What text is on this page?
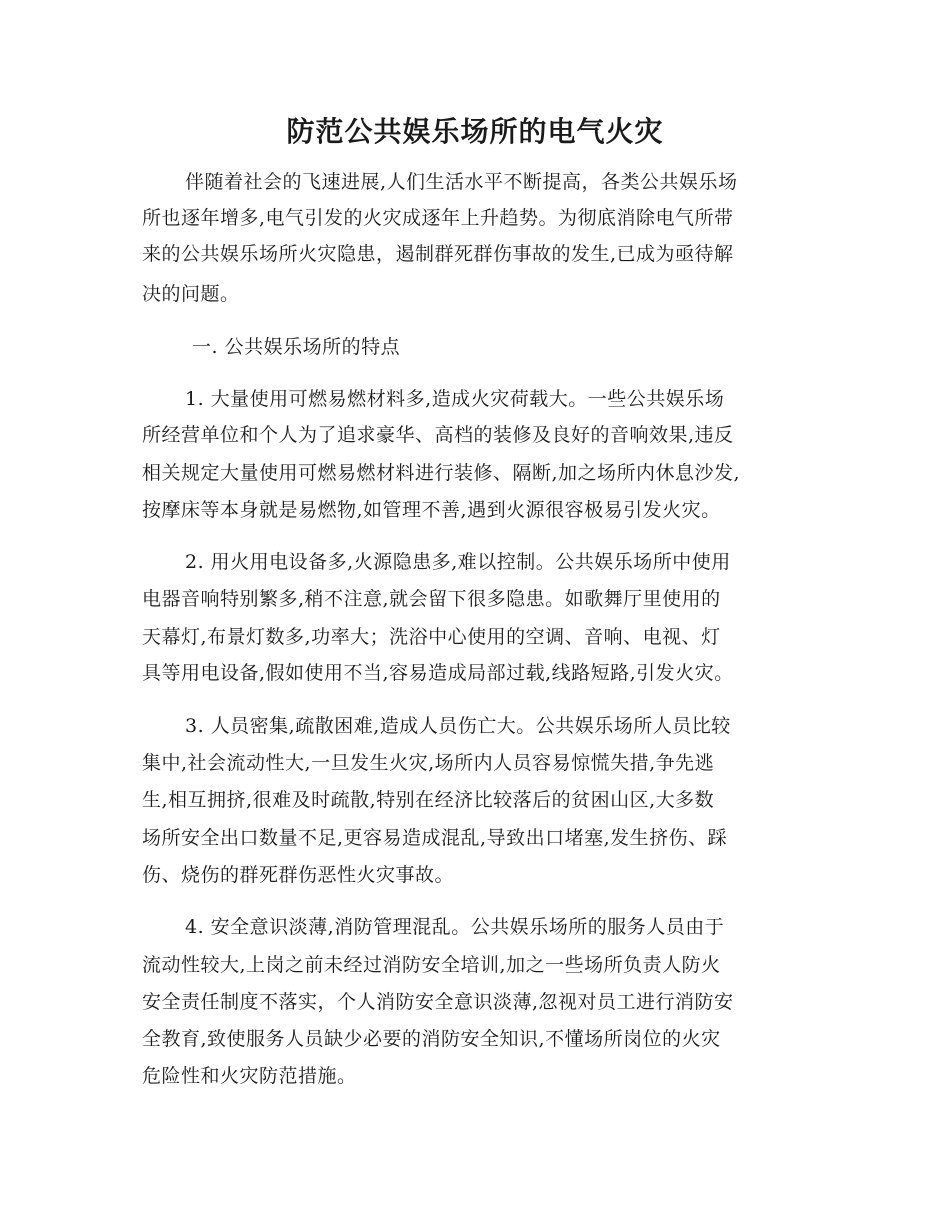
防范公共娱乐场所的电气火灾

伴随着社会的飞速进展,人们生活水平不断提高，各类公共娱乐场

所也逐年增多,电气引发的火灾成逐年上升趋势。为彻底消除电气所带

来的公共娱乐场所火灾隐患，遏制群死群伤事故的发生,已成为亟待解

决的问题。

一. 公共娱乐场所的特点

1. 大量使用可燃易燃材料多,造成火灾荷载大。一些公共娱乐场

所经营单位和个人为了追求豪华、高档的装修及良好的音响效果,违反

相关规定大量使用可燃易燃材料进行装修、隔断,加之场所内休息沙发,

按摩床等本身就是易燃物,如管理不善,遇到火源很容极易引发火灾。

2. 用火用电设备多,火源隐患多,难以控制。公共娱乐场所中使用

电器音响特别繁多,稍不注意,就会留下很多隐患。如歌舞厅里使用的

天幕灯,布景灯数多,功率大；洗浴中心使用的空调、音响、电视、灯

具等用电设备,假如使用不当,容易造成局部过载,线路短路,引发火灾。

3. 人员密集,疏散困难,造成人员伤亡大。公共娱乐场所人员比较

集中,社会流动性大,一旦发生火灾,场所内人员容易惊慌失措,争先逃

生,相互拥挤,很难及时疏散,特别在经济比较落后的贫困山区,大多数

场所安全出口数量不足,更容易造成混乱,导致出口堵塞,发生挤伤、踩

伤、烧伤的群死群伤恶性火灾事故。

4. 安全意识淡薄,消防管理混乱。公共娱乐场所的服务人员由于

流动性较大,上岗之前未经过消防安全培训,加之一些场所负责人防火

安全责任制度不落实，个人消防安全意识淡薄,忽视对员工进行消防安

全教育,致使服务人员缺少必要的消防安全知识,不懂场所岗位的火灾

危险性和火灾防范措施。
